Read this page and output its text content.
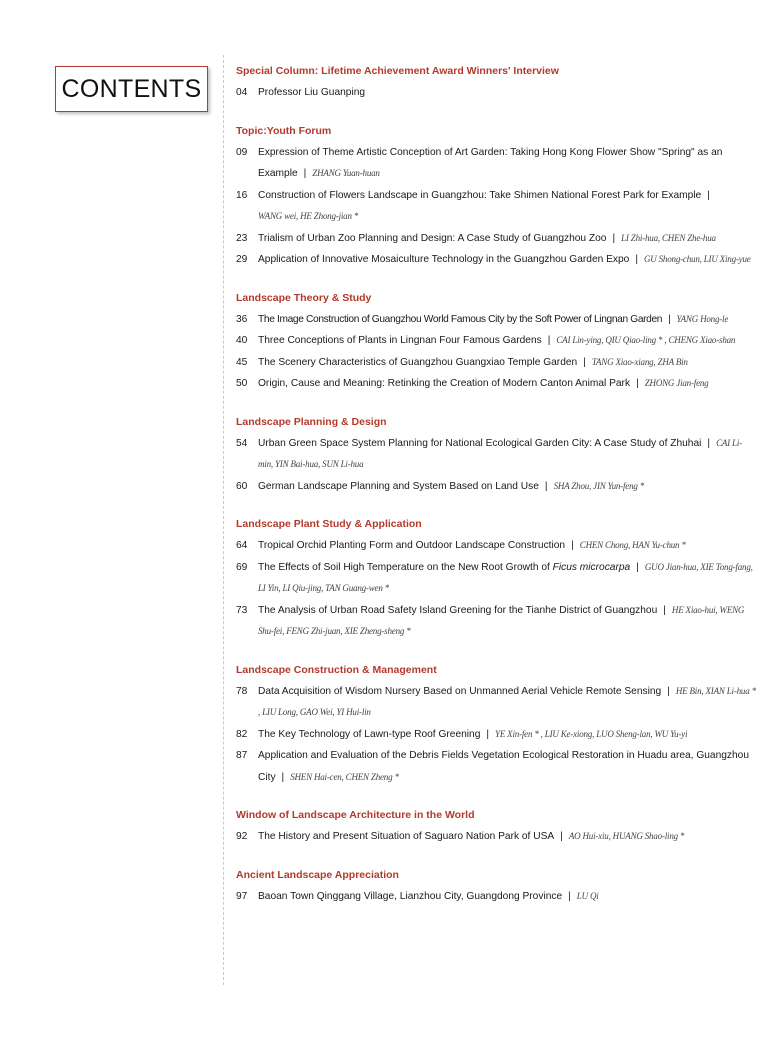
CONTENTS
Special Column: Lifetime Achievement Award Winners' Interview
04	Professor Liu Guanping
Topic:Youth Forum
09	Expression of Theme Artistic Conception of Art Garden: Taking Hong Kong Flower Show "Spring" as an Example | ZHANG Yuan-huan
16	Construction of Flowers Landscape in Guangzhou: Take Shimen National Forest Park for Example |
WANG wei, HE Zhong-jian *
23	Trialism of Urban Zoo Planning and Design: A Case Study of Guangzhou Zoo | LI Zhi-hua, CHEN Zhe-hua
29	Application of Innovative Mosaiculture Technology in the Guangzhou Garden Expo | GU Shong-chun, LIU Xing-yue
Landscape Theory & Study
36	The Image Construction of Guangzhou World Famous City by the Soft Power of Lingnan Garden | YANG Hong-le
40	Three Conceptions of Plants in Lingnan Four Famous Gardens | CAI Lin-ying, QIU Qiao-ling * , CHENG Xiao-shan
45	The Scenery Characteristics of Guangzhou Guangxiao Temple Garden | TANG Xiao-xiang, ZHA Bin
50	Origin, Cause and Meaning: Retinking the Creation of Modern Canton Animal Park | ZHONG Jian-feng
Landscape Planning & Design
54	Urban Green Space System Planning for National Ecological Garden City: A Case Study of Zhuhai | CAI Li-min, YIN Bai-hua, SUN Li-hua
60	German Landscape Planning and System Based on Land Use | SHA Zhou, JIN Yun-feng *
Landscape Plant Study & Application
64	Tropical Orchid Planting Form and Outdoor Landscape Construction | CHEN Chong, HAN Yu-chun *
69	The Effects of Soil High Temperature on the New Root Growth of Ficus microcarpa | GUO Jian-hua, XIE Tong-fang, LI Yin, LI Qiu-jing, TAN Guang-wen *
73	The Analysis of Urban Road Safety Island Greening for the Tianhe District of Guangzhou | HE Xiao-hui, WENG Shu-fei, FENG Zhi-juan, XIE Zheng-sheng *
Landscape Construction & Management
78	Data Acquisition of Wisdom Nursery Based on Unmanned Aerial Vehicle Remote Sensing | HE Bin, XIAN Li-hua * , LIU Long, GAO Wei, YI Hui-lin
82	The Key Technology of Lawn-type Roof Greening | YE Xin-fen * , LIU Ke-xiong, LUO Sheng-lan, WU Yu-yi
87	Application and Evaluation of the Debris Fields Vegetation Ecological Restoration in Huadu area, Guangzhou City | SHEN Hai-cen, CHEN Zheng *
Window of Landscape Architecture in the World
92	The History and Present Situation of Saguaro Nation Park of USA | AO Hui-xiu, HUANG Shao-ling *
Ancient Landscape Appreciation
97	Baoan Town Qinggang Village, Lianzhou City, Guangdong Province | LU Qi
